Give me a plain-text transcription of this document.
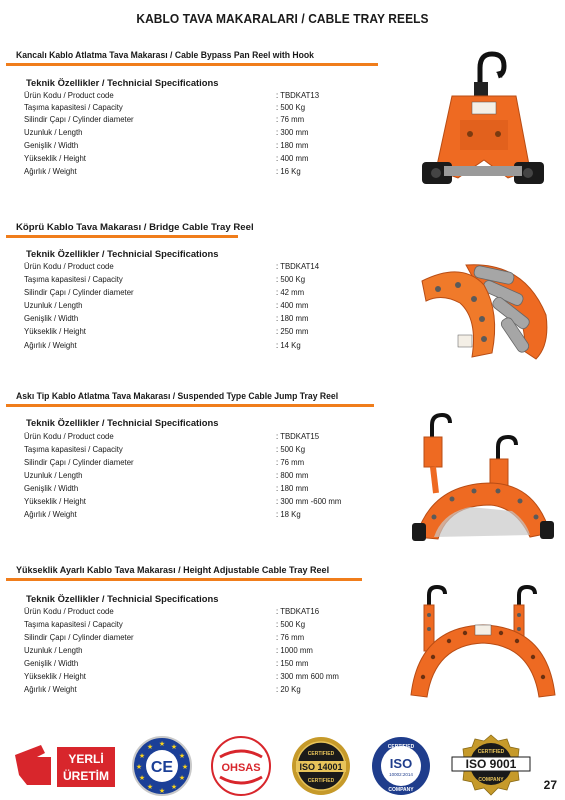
KABLO TAVA MAKARALARI / CABLE TRAY REELS
Kancalı Kablo Atlatma Tava Makarası / Cable Bypass Pan Reel with Hook
Teknik Özellikler / Technicial Specifications
Ürün Kodu / Product code	: TBDKAT13
Taşıma kapasitesi / Capacity	: 500 Kg
Silindir Çapı / Cylinder diameter	: 76 mm
Uzunluk / Length	: 300 mm
Genişlik / Width	: 180 mm
Yükseklik / Height	: 400 mm
Ağırlık / Weight	: 16 Kg
Köprü Kablo Tava Makarası / Bridge Cable Tray Reel
Teknik Özellikler / Technicial Specifications
Ürün Kodu / Product code	: TBDKAT14
Taşıma kapasitesi / Capacity	: 500 Kg
Silindir Çapı / Cylinder diameter	: 42 mm
Uzunluk / Length	: 400 mm
Genişlik / Width	: 180 mm
Yükseklik / Height	: 250 mm
Ağırlık / Weight	: 14 Kg
Askı Tip Kablo Atlatma Tava Makarası / Suspended Type Cable Jump Tray Reel
Teknik Özellikler / Technicial Specifications
Ürün Kodu / Product code	: TBDKAT15
Taşıma kapasitesi / Capacity	: 500 Kg
Silindir Çapı / Cylinder diameter	: 76 mm
Uzunluk / Length	: 800 mm
Genişlik / Width	: 180 mm
Yükseklik / Height	: 300 mm -600 mm
Ağırlık / Weight	: 18 Kg
Yükseklik Ayarlı Kablo Tava Makarası / Height Adjustable Cable Tray Reel
Teknik Özellikler / Technicial Specifications
Ürün Kodu / Product code	: TBDKAT16
Taşıma kapasitesi / Capacity	: 500 Kg
Silindir Çapı / Cylinder diameter	: 76 mm
Uzunluk / Length	: 1000 mm
Genişlik / Width	: 150 mm
Yükseklik / Height	: 300 mm 600 mm
Ağırlık / Weight	: 20 Kg
YERLİ
ÜRETİM
★ ★
★
★
★
★
★
★
★
★
★
★
CE	OHSAS
CERTIFIED
ISO 14001
CERTIFIED
CERTIFIED
ISO
10002:2014
COMPANY
CERTIFIED
ISO 9001
COMPANY	27
